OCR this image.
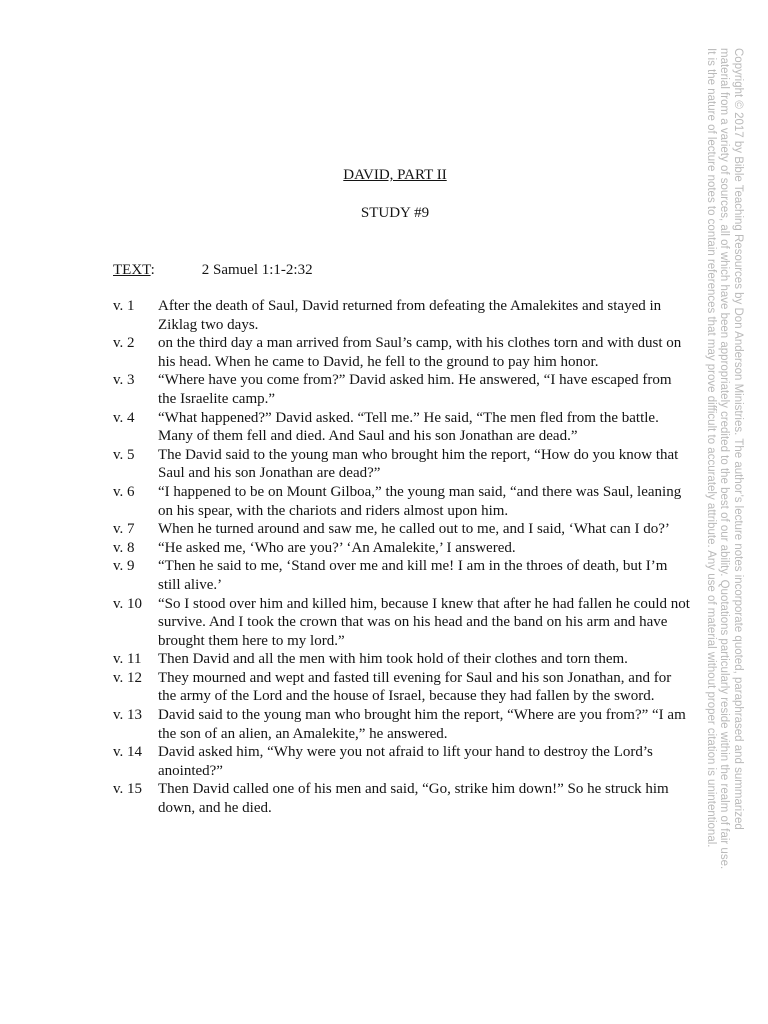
DAVID, PART II
STUDY #9
TEXT:	2 Samuel 1:1-2:32
v. 1	After the death of Saul, David returned from defeating the Amalekites and stayed in Ziklag two days.
v. 2	on the third day a man arrived from Saul’s camp, with his clothes torn and with dust on his head. When he came to David, he fell to the ground to pay him honor.
v. 3	“Where have you come from?” David asked him. He answered, “I have escaped from the Israelite camp.”
v. 4	“What happened?” David asked. “Tell me.” He said, “The men fled from the battle. Many of them fell and died. And Saul and his son Jonathan are dead.”
v. 5	The David said to the young man who brought him the report, “How do you know that Saul and his son Jonathan are dead?”
v. 6	“I happened to be on Mount Gilboa,” the young man said, “and there was Saul, leaning on his spear, with the chariots and riders almost upon him.
v. 7	When he turned around and saw me, he called out to me, and I said, ‘What can I do?’
v. 8	“He asked me, ‘Who are you?’ ‘An Amalekite,’ I answered.
v. 9	“Then he said to me, ‘Stand over me and kill me! I am in the throes of death, but I’m still alive.’
v. 10	“So I stood over him and killed him, because I knew that after he had fallen he could not survive. And I took the crown that was on his head and the band on his arm and have brought them here to my lord.”
v. 11	Then David and all the men with him took hold of their clothes and torn them.
v. 12	They mourned and wept and fasted till evening for Saul and his son Jonathan, and for the army of the Lord and the house of Israel, because they had fallen by the sword.
v. 13	David said to the young man who brought him the report, “Where are you from?” “I am the son of an alien, an Amalekite,” he answered.
v. 14	David asked him, “Why were you not afraid to lift your hand to destroy the Lord’s anointed?”
v. 15	Then David called one of his men and said, “Go, strike him down!” So he struck him down, and he died.	Copyright © 2017 by Bible Teaching Resources by Don Anderson Ministries. The author’s lecture notes incorporate quoted, paraphrased and summarized
material from a variety of sources, all of which have been appropriately credited to the best of our ability. Quotations particularly reside within the realm of fair use.
It is the nature of lecture notes to contain references that may prove difficult to accurately attribute. Any use of material without proper citation is unintentional.
